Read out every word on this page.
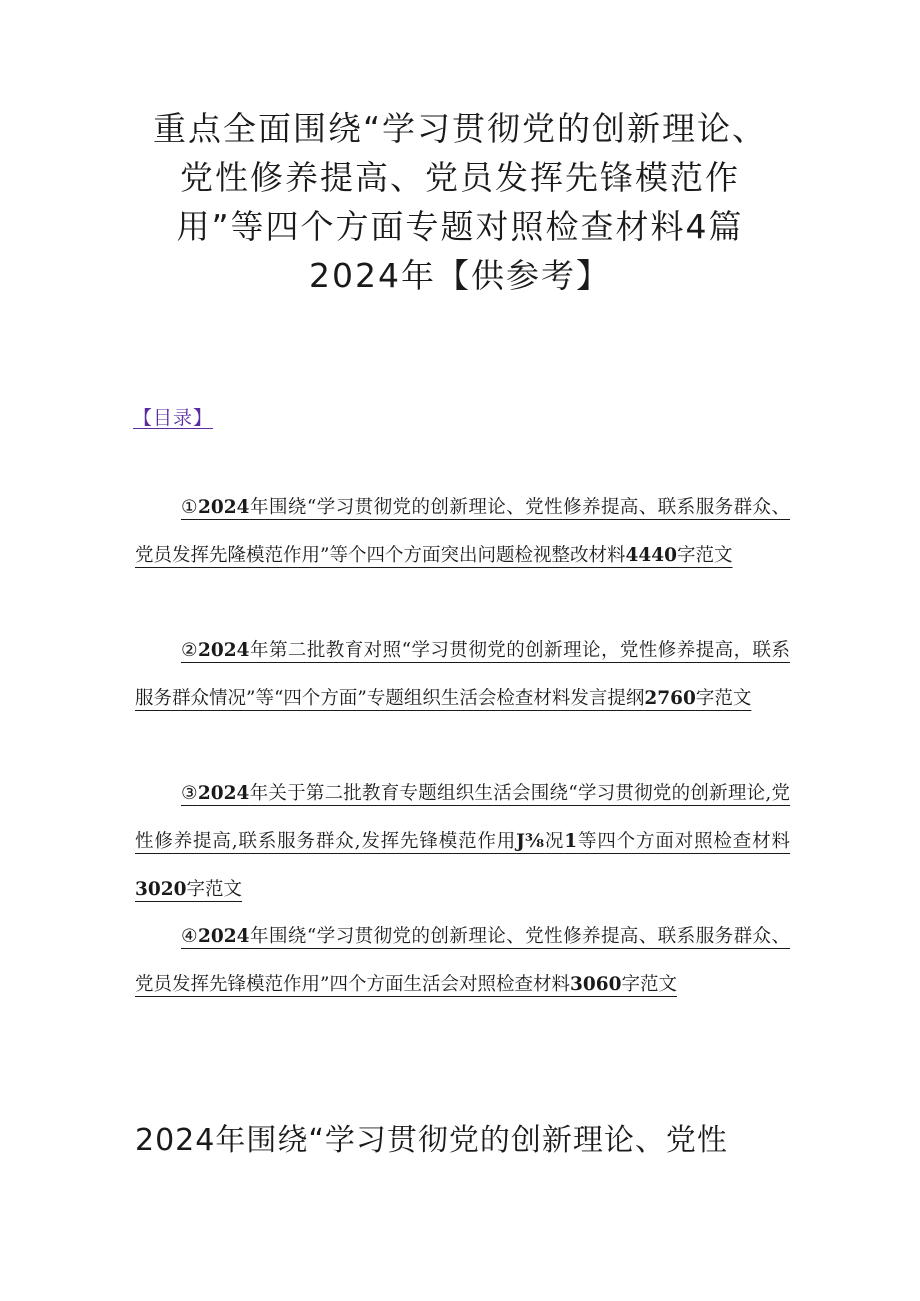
重点全面围绕“学习贯彻党的创新理论、党性修养提高、党员发挥先锋模范作用”等四个方面专题对照检查材料4篇2024年【供参考】
【目录】
①2024年围绕“学习贯彻党的创新理论、党性修养提高、联系服务群众、党员发挥先隆模范作用”等个四个方面突出问题检视整改材料4440字范文
②2024年第二批教育对照“学习贯彻党的创新理论，党性修养提高，联系服务群众情况”等“四个方面”专题组织生活会检查材料发言提纲2760字范文
③2024年关于第二批教育专题组织生活会围绕“学习贯彻党的创新理论,党性修养提高,联系服务群众,发挥先锋模范作用J⅜况1等四个方面对照检查材料3020字范文
④2024年围绕“学习贯彻党的创新理论、党性修养提高、联系服务群众、党员发挥先锋模范作用”四个方面生活会对照检查材料3060字范文
2024年围绕“学习贯彻党的创新理论、党性
